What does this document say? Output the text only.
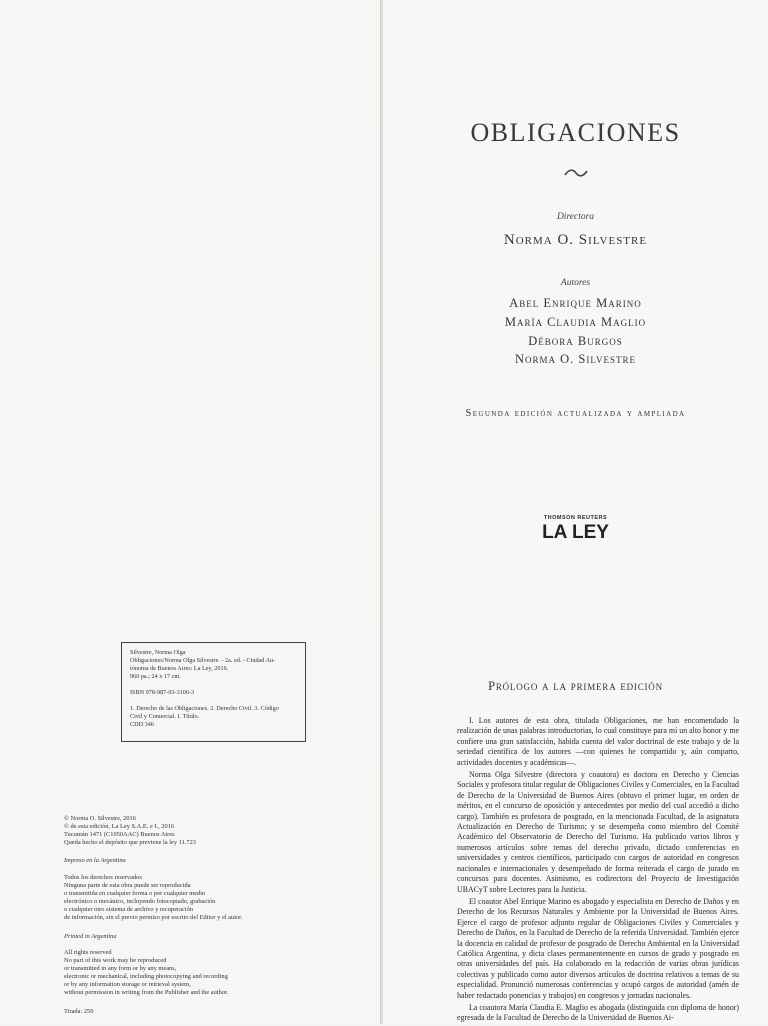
Silvestre, Norma Olga
Obligaciones/Norma Olga Silvestre. - 2a. ed. - Ciudad Au-
tónoma de Buenos Aires: La Ley, 2016.
960 pa.; 24 x 17 cm.

ISBN 978-987-03-3106-3

1. Derecho de las Obligaciones. 2. Derecho Civil. 3. Código
Civil y Comercial. I. Título.
CDD 346
© Norma O. Silvestre, 2016
© de esta edición, La Ley S.A.E. e I., 2016
Tucumán 1471 (C1050AAC) Buenos Aires
Queda hecho el depósito que previene la ley 11.723
Impreso en la Argentina
Todos los derechos reservados
Ninguna parte de esta obra puede ser reproducida
o transmitida en cualquier forma o por cualquier medio
electrónico o mecánico, incluyendo fotocopiado, grabación
o cualquier otro sistema de archivo y recuperación
de información, sin el previo permiso por escrito del Editor y el autor.
Printed in Argentina
All rights reserved
No part of this work may be reproduced
or transmitted in any form or by any means,
electronic or mechanical, including photocopying and recording
or by any information storage or retrieval system,
without permission in writing from the Publisher and the author.
Tirada: 250
OBLIGACIONES
Directora
Norma O. Silvestre
Autores
Abel Enrique Marino
María Claudia Maglio
Débora Burgos
Norma O. Silvestre
Segunda edición actualizada y ampliada
THOMSON REUTERS
LA LEY
Prólogo a la primera edición

I. Los autores de esta obra, titulada Obligaciones, me han encomendado la realización de unas palabras introductorias, lo cual constituye para mí un alto honor y me confiere una gran satisfacción, habida cuenta del valor doctrinal de este trabajo y de la seriedad científica de los autores —con quienes he compartido y, aún comparto, actividades docentes y académicas—.

Norma Olga Silvestre (directora y coautora) es doctora en Derecho y Ciencias Sociales y profesora titular regular de Obligaciones Civiles y Comerciales, en la Facultad de Derecho de la Universidad de Buenos Aires (obtuvo el primer lugar, en orden de méritos, en el concurso de oposición y antecedentes por medio del cual accedió a dicho cargo). También es profesora de posgrado, en la mencionada Facultad, de la asignatura Actualización en Derecho de Turismo; y se desempeña como miembro del Comité Académico del Observatorio de Derecho del Turismo. Ha publicado varios libros y numerosos artículos sobre temas del derecho privado, dictado conferencias en universidades y centros científicos, participado con cargos de autoridad en congresos nacionales e internacionales y desempeñado de forma reiterada el cargo de jurado en concursos para docentes. Asimismo, es codirectora del Proyecto de Investigación UBACyT sobre Lectores para la Justicia.

El coautor Abel Enrique Marino es abogado y especialista en Derecho de Daños y en Derecho de los Recursos Naturales y Ambiente por la Universidad de Buenos Aires. Ejerce el cargo de profesor adjunto regular de Obligaciones Civiles y Comerciales y Derecho de Daños, en la Facultad de Derecho de la referida Universidad. También ejerce la docencia en calidad de profesor de posgrado de Derecho Ambiental en la Universidad Católica Argentina, y dicta clases permanentemente en cursos de grado y posgrado en otras universidades del país. Ha colaborado en la redacción de varias obras jurídicas colectivas y publicado como autor diversos artículos de doctrina relativos a temas de su especialidad. Pronunció numerosas conferencias y ocupó cargos de autoridad (amén de haber redactado ponencias y trabajos) en congresos y jornadas nacionales.

La coautora María Claudia E. Maglio es abogada (distinguida con diploma de honor) egresada de la Facultad de Derecho de la Universidad de Buenos Ai-
